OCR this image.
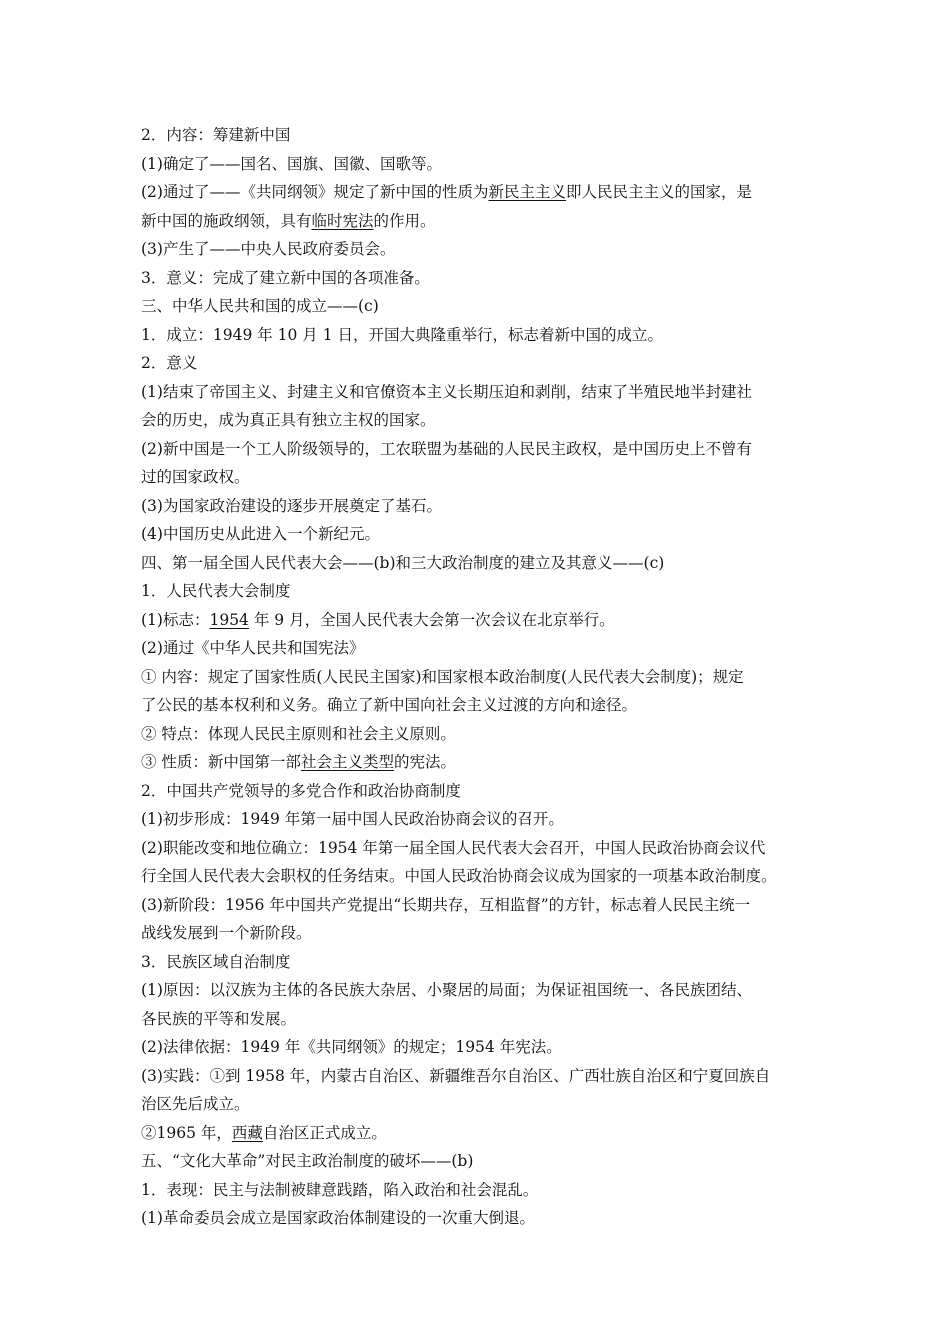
2．内容：筹建新中国
(1)确定了——国名、国旗、国徽、国歌等。
(2)通过了——《共同纲领》规定了新中国的性质为新民主主义即人民民主主义的国家，是
新中国的施政纲领，具有临时宪法的作用。
(3)产生了——中央人民政府委员会。
3．意义：完成了建立新中国的各项准备。
三、中华人民共和国的成立——(c)
1．成立：1949 年 10 月 1 日，开国大典隆重举行，标志着新中国的成立。
2．意义
(1)结束了帝国主义、封建主义和官僚资本主义长期压迫和剥削，结束了半殖民地半封建社
会的历史，成为真正具有独立主权的国家。
(2)新中国是一个工人阶级领导的，工农联盟为基础的人民民主政权，是中国历史上不曾有
过的国家政权。
(3)为国家政治建设的逐步开展奠定了基石。
(4)中国历史从此进入一个新纪元。
四、第一届全国人民代表大会——(b)和三大政治制度的建立及其意义——(c)
1．人民代表大会制度
(1)标志：1954 年 9 月，全国人民代表大会第一次会议在北京举行。
(2)通过《中华人民共和国宪法》
① 内容：规定了国家性质(人民民主国家)和国家根本政治制度(人民代表大会制度)；规定
了公民的基本权利和义务。确立了新中国向社会主义过渡的方向和途径。
② 特点：体现人民民主原则和社会主义原则。
③ 性质：新中国第一部社会主义类型的宪法。
2．中国共产党领导的多党合作和政治协商制度
(1)初步形成：1949 年第一届中国人民政治协商会议的召开。
(2)职能改变和地位确立：1954 年第一届全国人民代表大会召开，中国人民政治协商会议代
行全国人民代表大会职权的任务结束。中国人民政治协商会议成为国家的一项基本政治制度。
(3)新阶段：1956 年中国共产党提出“长期共存，互相监督”的方针，标志着人民民主统一
战线发展到一个新阶段。
3．民族区域自治制度
(1)原因：以汉族为主体的各民族大杂居、小聚居的局面；为保证祖国统一、各民族团结、
各民族的平等和发展。
(2)法律依据：1949 年《共同纲领》的规定；1954 年宪法。
(3)实践：①到 1958 年，内蒙古自治区、新疆维吾尔自治区、广西壮族自治区和宁夏回族自
治区先后成立。
②1965 年，西藏自治区正式成立。
五、“文化大革命”对民主政治制度的破坏——(b)
1．表现：民主与法制被肆意践踏，陷入政治和社会混乱。
(1)革命委员会成立是国家政治体制建设的一次重大倒退。
